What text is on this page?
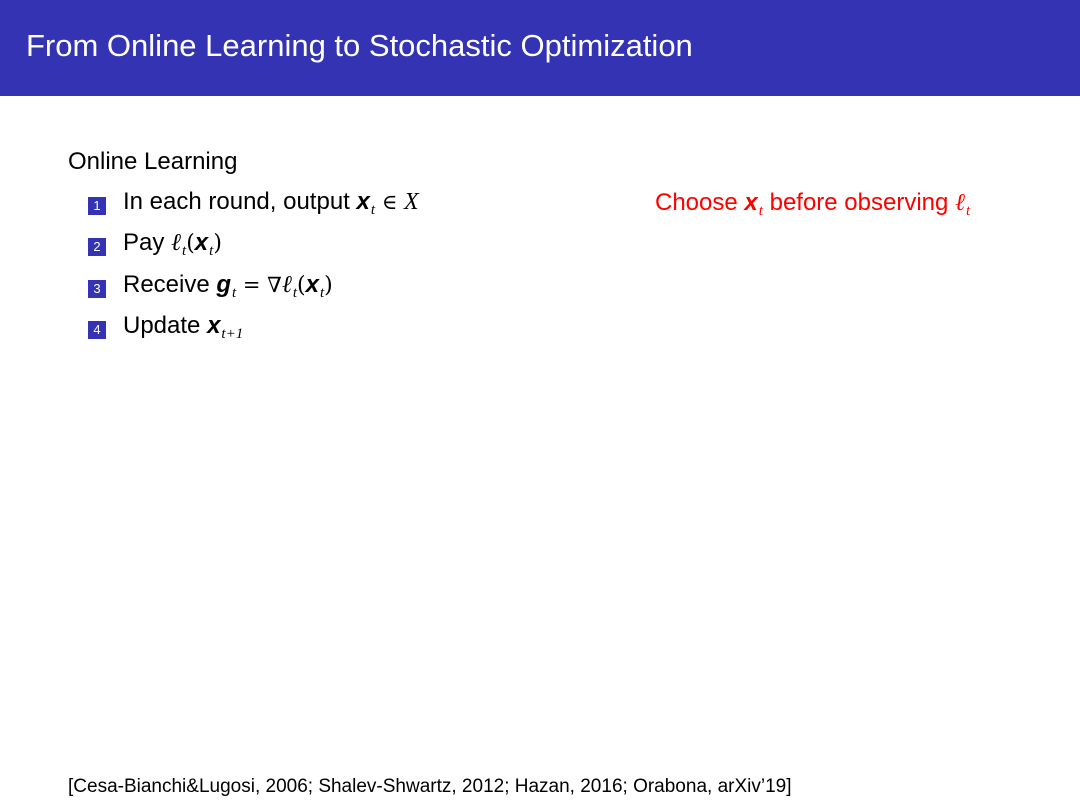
From Online Learning to Stochastic Optimization
Online Learning
1 In each round, output $x_t$ ∈ X
2 Pay $\ell_t(x_t)$
3 Receive $g_t$ = $\nabla\ell_t(x_t)$
4 Update $x_{t+1}$
Choose $x_t$ before observing ℓ$_t$
[Cesa-Bianchi&Lugosi, 2006; Shalev-Shwartz, 2012; Hazan, 2016; Orabona, arXiv’19]
